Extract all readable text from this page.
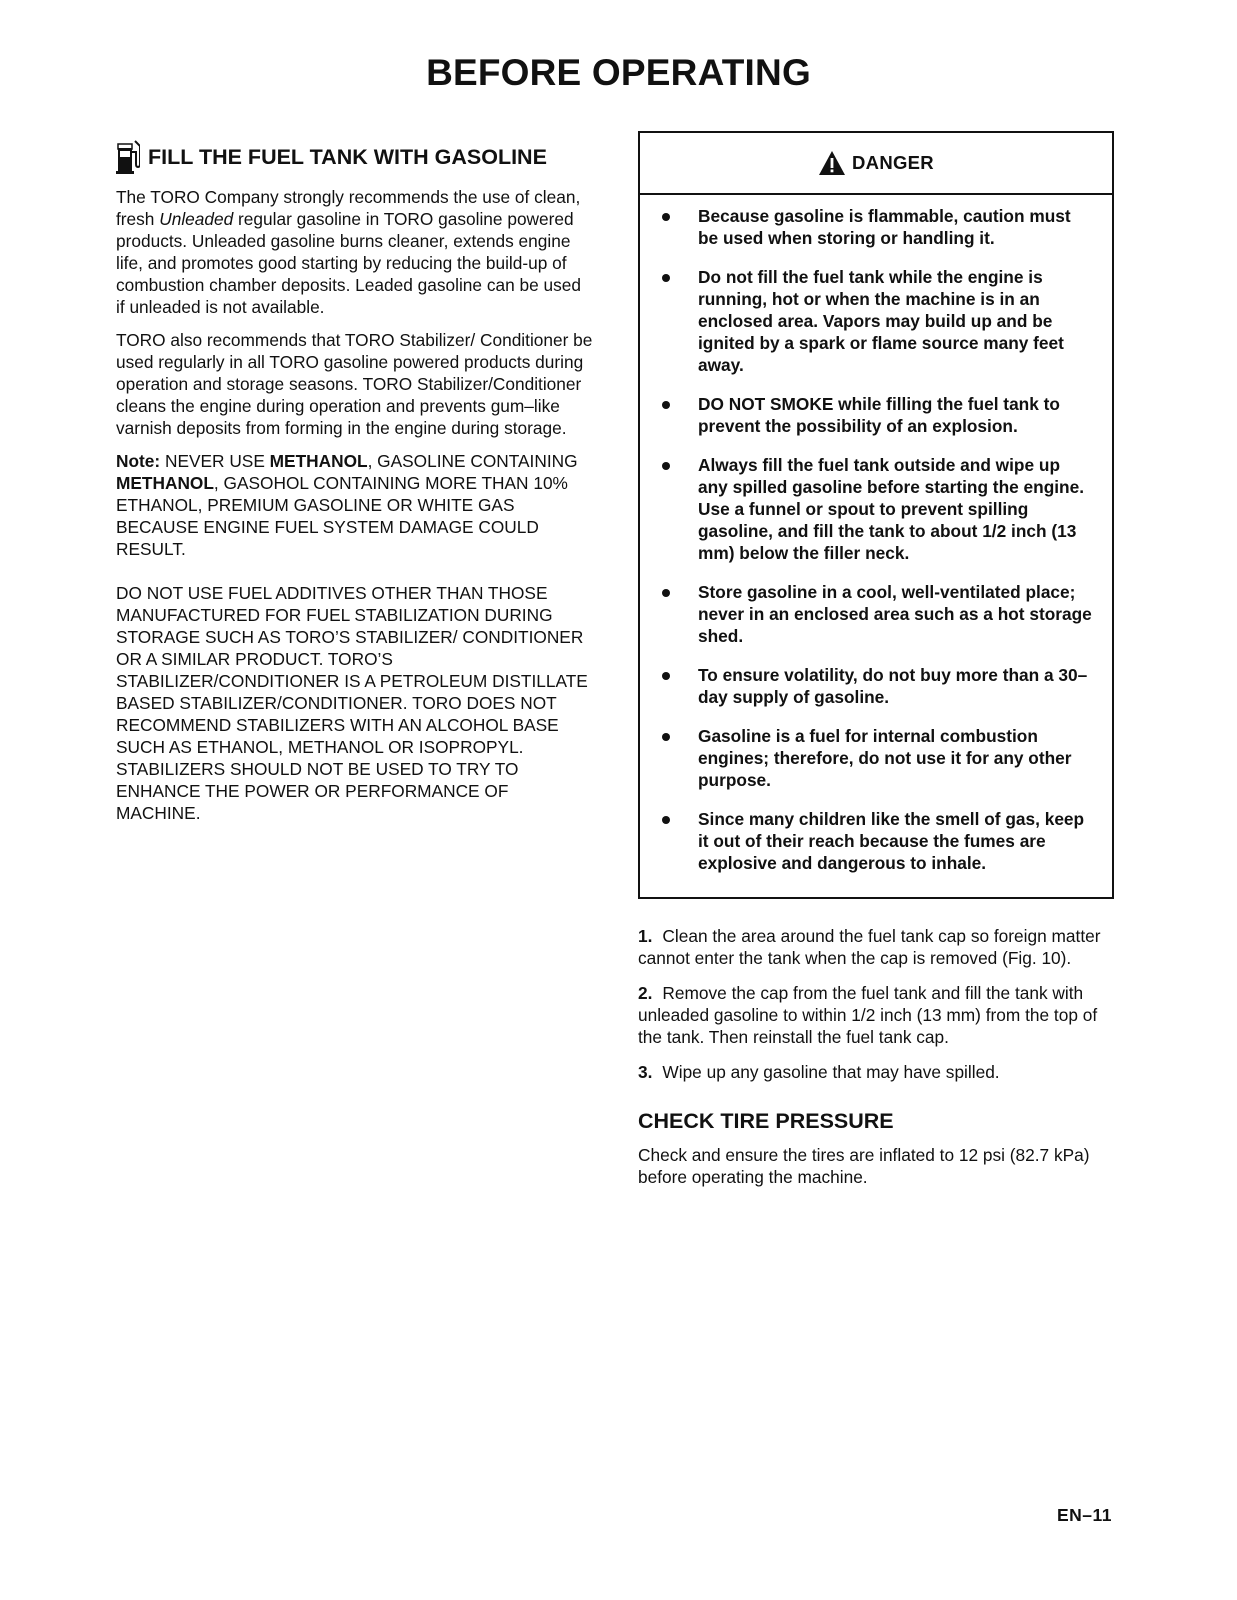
BEFORE OPERATING
FILL THE FUEL TANK WITH GASOLINE

The TORO Company strongly recommends the use of clean, fresh Unleaded regular gasoline in TORO gasoline powered products. Unleaded gasoline burns cleaner, extends engine life, and promotes good starting by reducing the build-up of combustion chamber deposits. Leaded gasoline can be used if unleaded is not available.

TORO also recommends that TORO Stabilizer/ Conditioner be used regularly in all TORO gasoline powered products during operation and storage seasons. TORO Stabilizer/Conditioner cleans the engine during operation and prevents gum–like varnish deposits from forming in the engine during storage.

Note: NEVER USE METHANOL, GASOLINE CONTAINING METHANOL, GASOHOL CONTAINING MORE THAN 10% ETHANOL, PREMIUM GASOLINE OR WHITE GAS BECAUSE ENGINE FUEL SYSTEM DAMAGE COULD RESULT.

DO NOT USE FUEL ADDITIVES OTHER THAN THOSE MANUFACTURED FOR FUEL STABILIZATION DURING STORAGE SUCH AS TORO’S STABILIZER/ CONDITIONER OR A SIMILAR PRODUCT. TORO’S STABILIZER/CONDITIONER IS A PETROLEUM DISTILLATE BASED STABILIZER/CONDITIONER. TORO DOES NOT RECOMMEND STABILIZERS WITH AN ALCOHOL BASE SUCH AS ETHANOL, METHANOL OR ISOPROPYL. STABILIZERS SHOULD NOT BE USED TO TRY TO ENHANCE THE POWER OR PERFORMANCE OF MACHINE.

DANGER
Because gasoline is flammable, caution must be used when storing or handling it.
Do not fill the fuel tank while the engine is running, hot or when the machine is in an enclosed area. Vapors may build up and be ignited by a spark or flame source many feet away.
DO NOT SMOKE while filling the fuel tank to prevent the possibility of an explosion.
Always fill the fuel tank outside and wipe up any spilled gasoline before starting the engine. Use a funnel or spout to prevent spilling gasoline, and fill the tank to about 1/2 inch (13 mm) below the filler neck.
Store gasoline in a cool, well-ventilated place; never in an enclosed area such as a hot storage shed.
To ensure volatility, do not buy more than a 30–day supply of gasoline.
Gasoline is a fuel for internal combustion engines; therefore, do not use it for any other purpose.
Since many children like the smell of gas, keep it out of their reach because the fumes are explosive and dangerous to inhale.

1. Clean the area around the fuel tank cap so foreign matter cannot enter the tank when the cap is removed (Fig. 10).

2. Remove the cap from the fuel tank and fill the tank with unleaded gasoline to within 1/2 inch (13 mm) from the top of the tank. Then reinstall the fuel tank cap.

3. Wipe up any gasoline that may have spilled.

CHECK TIRE PRESSURE

Check and ensure the tires are inflated to 12 psi (82.7 kPa) before operating the machine.

EN–11
